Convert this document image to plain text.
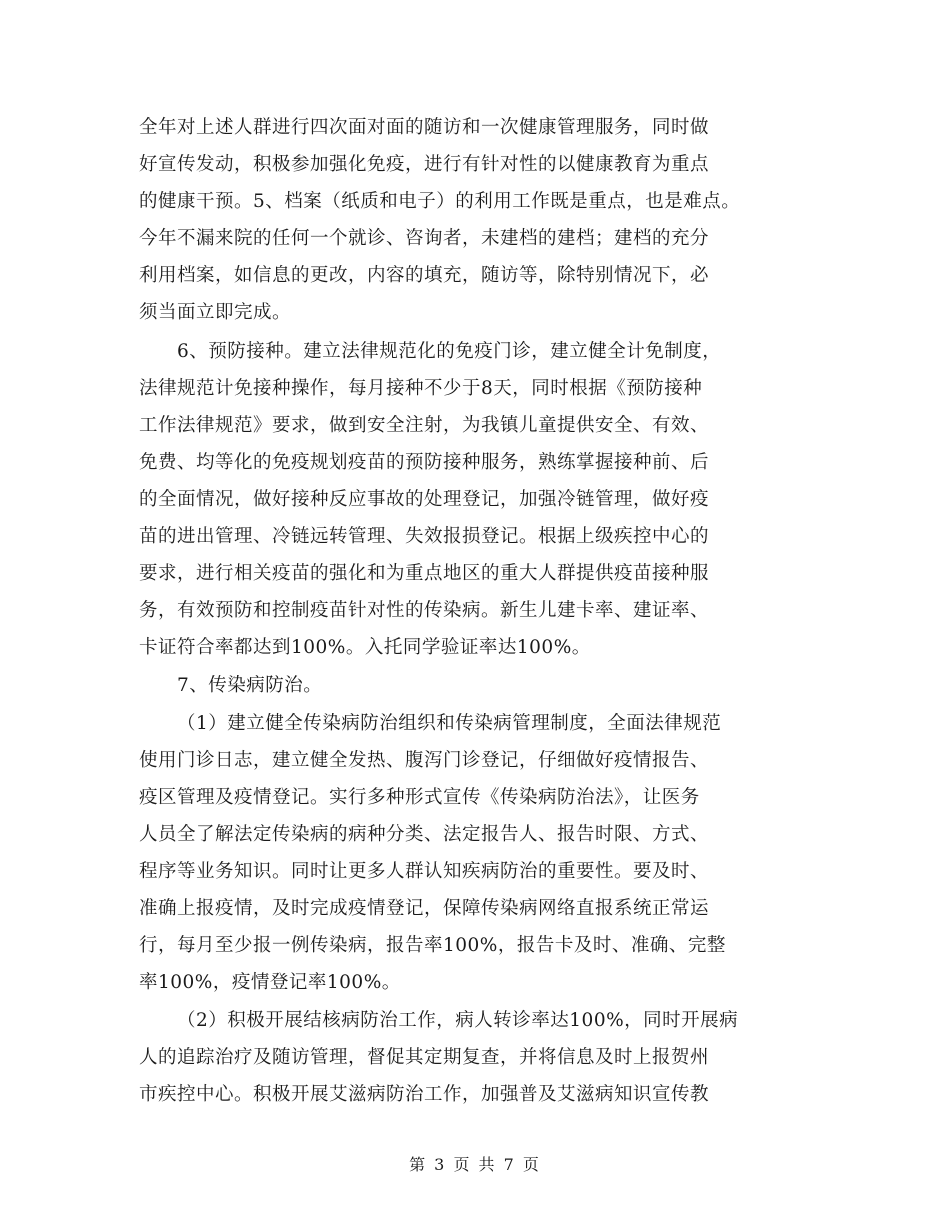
全年对上述人群进行四次面对面的随访和一次健康管理服务，同时做
好宣传发动，积极参加强化免疫，进行有针对性的以健康教育为重点
的健康干预。5、档案（纸质和电子）的利用工作既是重点，也是难点。
今年不漏来院的任何一个就诊、咨询者，未建档的建档；建档的充分
利用档案，如信息的更改，内容的填充，随访等，除特别情况下，必
须当面立即完成。
6、预防接种。建立法律规范化的免疫门诊，建立健全计免制度，
法律规范计免接种操作，每月接种不少于8天，同时根据《预防接种
工作法律规范》要求，做到安全注射，为我镇儿童提供安全、有效、
免费、均等化的免疫规划疫苗的预防接种服务，熟练掌握接种前、后
的全面情况，做好接种反应事故的处理登记，加强冷链管理，做好疫
苗的进出管理、冷链远转管理、失效报损登记。根据上级疾控中心的
要求，进行相关疫苗的强化和为重点地区的重大人群提供疫苗接种服
务，有效预防和控制疫苗针对性的传染病。新生儿建卡率、建证率、
卡证符合率都达到100%。入托同学验证率达100%。
7、传染病防治。
（1）建立健全传染病防治组织和传染病管理制度，全面法律规范
使用门诊日志，建立健全发热、腹泻门诊登记，仔细做好疫情报告、
疫区管理及疫情登记。实行多种形式宣传《传染病防治法》，让医务
人员全了解法定传染病的病种分类、法定报告人、报告时限、方式、
程序等业务知识。同时让更多人群认知疾病防治的重要性。要及时、
准确上报疫情，及时完成疫情登记，保障传染病网络直报系统正常运
行，每月至少报一例传染病，报告率100%，报告卡及时、准确、完整
率100%，疫情登记率100%。
（2）积极开展结核病防治工作，病人转诊率达100%，同时开展病
人的追踪治疗及随访管理，督促其定期复查，并将信息及时上报贺州
市疾控中心。积极开展艾滋病防治工作，加强普及艾滋病知识宣传教
第 3 页 共 7 页
